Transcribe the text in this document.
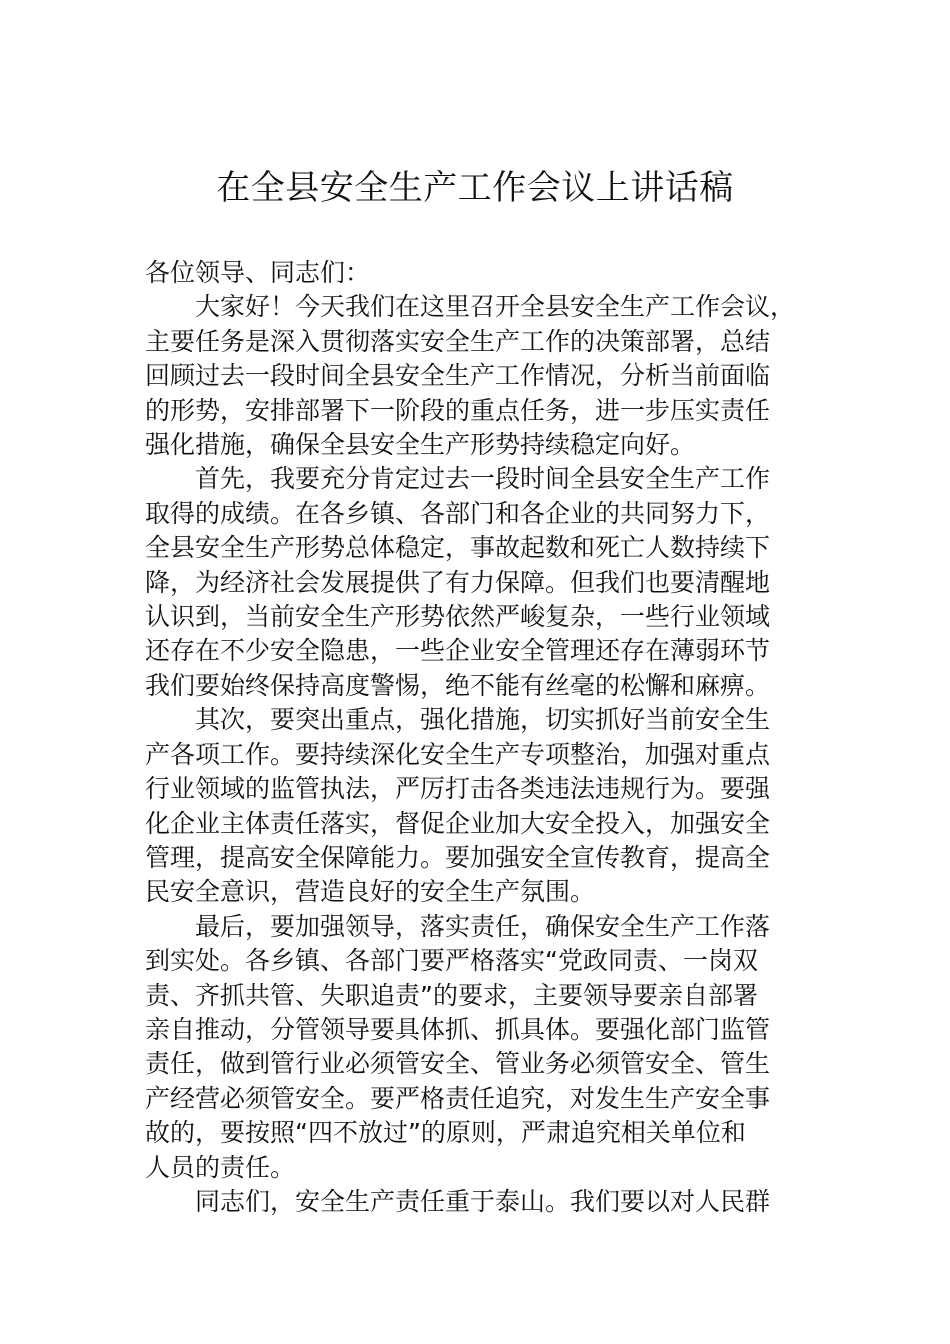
在全县安全生产工作会议上讲话稿
各位领导、同志们：
大家好！今天我们在这里召开全县安全生产工作会议，
主要任务是深入贯彻落实安全生产工作的决策部署，总结
回顾过去一段时间全县安全生产工作情况，分析当前面临
的形势，安排部署下一阶段的重点任务，进一步压实责任
强化措施，确保全县安全生产形势持续稳定向好。
首先，我要充分肯定过去一段时间全县安全生产工作
取得的成绩。在各乡镇、各部门和各企业的共同努力下，
全县安全生产形势总体稳定，事故起数和死亡人数持续下
降，为经济社会发展提供了有力保障。但我们也要清醒地
认识到，当前安全生产形势依然严峻复杂，一些行业领域
还存在不少安全隐患，一些企业安全管理还存在薄弱环节
我们要始终保持高度警惕，绝不能有丝毫的松懈和麻痹。
其次，要突出重点，强化措施，切实抓好当前安全生
产各项工作。要持续深化安全生产专项整治，加强对重点
行业领域的监管执法，严厉打击各类违法违规行为。要强
化企业主体责任落实，督促企业加大安全投入，加强安全
管理，提高安全保障能力。要加强安全宣传教育，提高全
民安全意识，营造良好的安全生产氛围。
最后，要加强领导，落实责任，确保安全生产工作落
到实处。各乡镇、各部门要严格落实“党政同责、一岗双
责、齐抓共管、失职追责”的要求，主要领导要亲自部署
亲自推动，分管领导要具体抓、抓具体。要强化部门监管
责任，做到管行业必须管安全、管业务必须管安全、管生
产经营必须管安全。要严格责任追究，对发生生产安全事
故的，要按照“四不放过”的原则，严肃追究相关单位和
人员的责任。
同志们，安全生产责任重于泰山。我们要以对人民群
